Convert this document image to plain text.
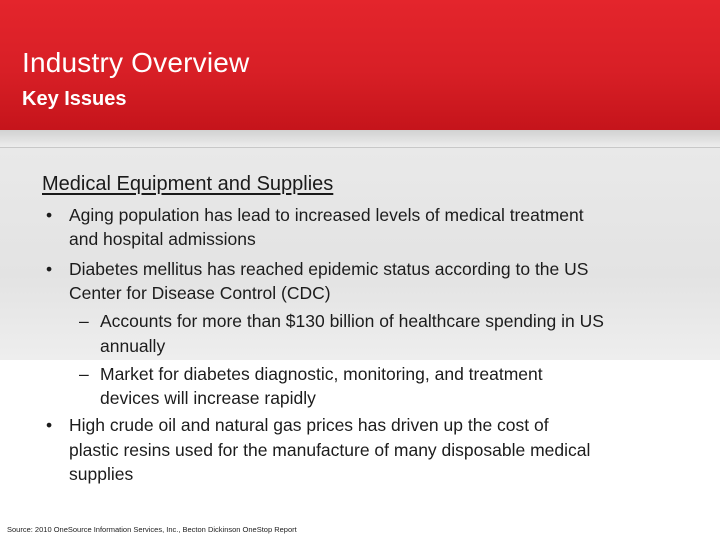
Industry Overview
Key Issues
Medical Equipment and Supplies
• Aging population has lead to increased levels of medical treatment
and hospital admissions
• Diabetes mellitus has reached epidemic status according to the US
Center for Disease Control (CDC)
– Accounts for more than $130 billion of healthcare spending in US
annually
– Market for diabetes diagnostic, monitoring, and treatment
devices will increase rapidly
• High crude oil and natural gas prices has driven up the cost of
plastic resins used for the manufacture of many disposable medical
supplies
Source: 2010 OneSource Information Services, Inc., Becton Dickinson OneStop Report
